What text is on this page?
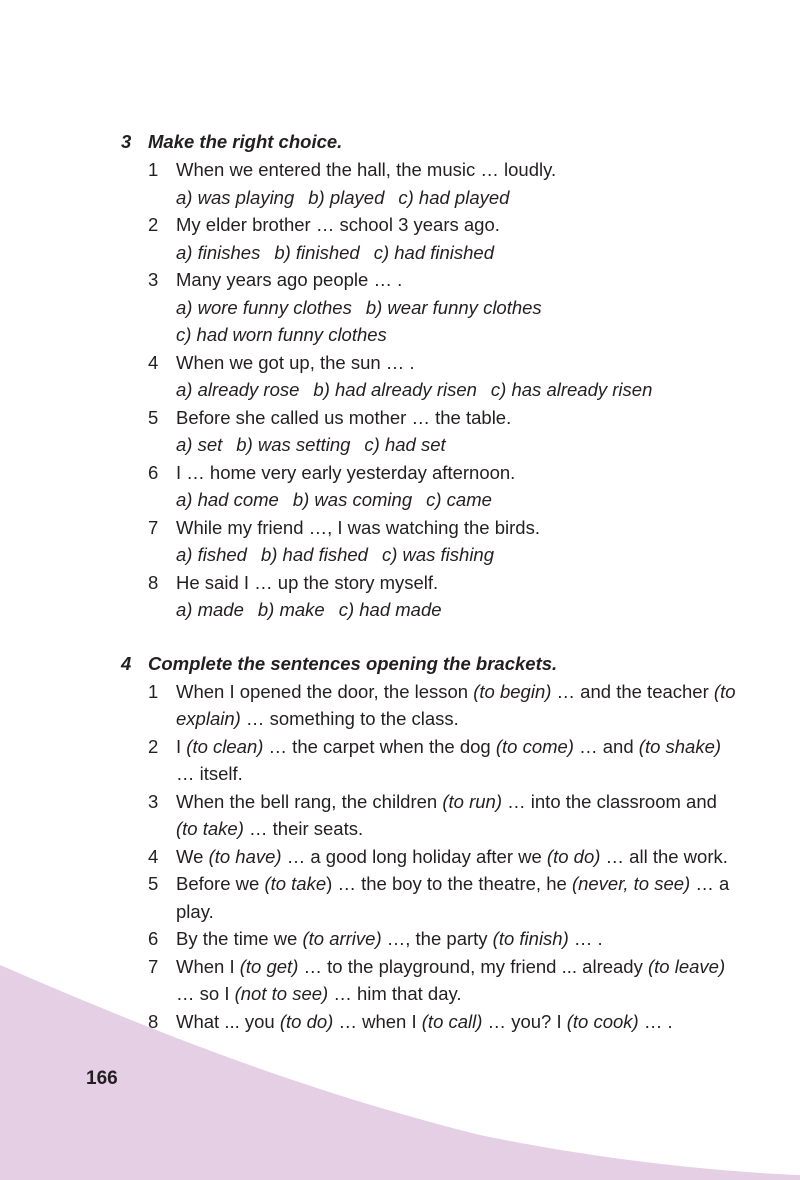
3 Make the right choice.
1 When we entered the hall, the music … loudly.
a) was playing b) played c) had played
2 My elder brother … school 3 years ago.
a) finishes b) finished c) had finished
3 Many years ago people … .
a) wore funny clothes b) wear funny clothes
c) had worn funny clothes
4 When we got up, the sun … .
a) already rose b) had already risen c) has already risen
5 Before she called us mother … the table.
a) set b) was setting c) had set
6 I … home very early yesterday afternoon.
a) had come b) was coming c) came
7 While my friend …, I was watching the birds.
a) fished b) had fished c) was fishing
8 He said I … up the story myself.
a) made b) make c) had made
4 Complete the sentences opening the brackets.
1 When I opened the door, the lesson (to begin) … and the teacher (to explain) … something to the class.
2 I (to clean) … the carpet when the dog (to come) … and (to shake) … itself.
3 When the bell rang, the children (to run) … into the classroom and (to take) … their seats.
4 We (to have) … a good long holiday after we (to do) … all the work.
5 Before we (to take) … the boy to the theatre, he (never, to see) … a play.
6 By the time we (to arrive) …, the party (to finish) … .
7 When I (to get) … to the playground, my friend ... already (to leave) … so I (not to see) … him that day.
8 What ... you (to do) … when I (to call) … you? I (to cook) … .
166
